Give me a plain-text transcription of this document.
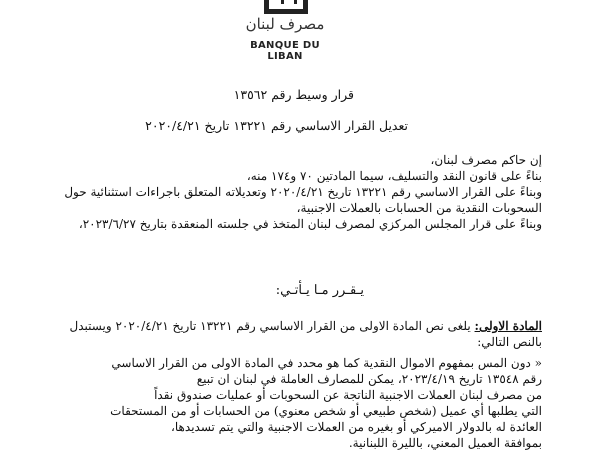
مصرف لبنان
BANQUE DU LIBAN
قرار وسيط رقم ١٣٥٦٢
تعديل القرار الاساسي رقم ١٣٢٢١ تاريخ ٢٠٢٠/٤/٢١
إن حاكم مصرف لبنان،
بناءً على قانون النقد والتسليف، سيما المادتين ٧٠ و١٧٤ منه،
وبناءً على القرار الاساسي رقم ١٣٢٢١ تاريخ ٢٠٢٠/٤/٢١ وتعديلاته المتعلق باجراءات استثنائية حول
السحوبات النقدية من الحسابات بالعملات الاجنبية،
وبناءً على قرار المجلس المركزي لمصرف لبنان المتخذ في جلسته المنعقدة بتاريخ ٢٠٢٣/٦/٢٧،
يـقـرر مـا يـأتـي:
المادة الاولى: يلغى نص المادة الاولى من القرار الاساسي رقم ١٣٢٢١ تاريخ ٢٠٢٠/٤/٢١ ويستبدل
بالنص التالي:
« دون المس بمفهوم الاموال النقدية كما هو محدد في المادة الاولى من القرار الاساسي
رقم ١٣٥٤٨ تاريخ ٢٠٢٣/٤/١٩، يمكن للمصارف العاملة في لبنان ان تبيع
من مصرف لبنان العملات الاجنبية الناتجة عن السحوبات أو عمليات صندوق نقداً
التي يطلبها أي عميل (شخص طبيعي أو شخص معنوي) من الحسابات أو من المستحقات
العائدة له بالدولار الاميركي أو بغيره من العملات الاجنبية والتي يتم تسديدها،
بموافقة العميل المعني، بالليرة اللبنانية.
